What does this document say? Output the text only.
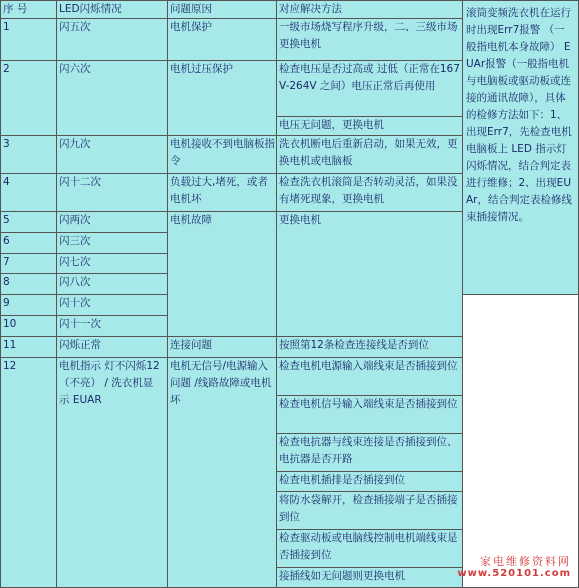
序 号	LED闪烁情况	问题原因	对应解决方法	滚筒变频洗衣机在运行时出现Err7报警 （一般指电机本身故障） EUAr报警（一般指电机与电脑板或驱动板或连接的通讯故障），具体的检修方法如下：1、出现Err7，先检查电机电脑板上 LED 指示灯闪烁情况，结合判定表进行维修；2、出现EUAr，结合判定表检修线束插接情况。
1	闪五次	电机保护	一级市场烧写程序升级，二、三级市场更换电机	
2	闪六次	电机过压保护	检查电压是否过高或 过低（正常在167V-264V 之间）电压正常后再使用	
			电压无问题，更换电机	
3	闪九次	电机接收不到电脑板指令	洗衣机断电后重新启动，如果无效，更换电机或电脑板	
4	闪十二次	负载过大,堵死，或者电机坏	检查洗衣机滚筒是否转动灵活，如果没有堵死现象，更换电机	
5	闪两次	电机故障	更换电机	
6	闪三次			
7	闪七次			
8	闪八次			
9	闪十次			
10	闪十一次			
11	闪烁正常	连接问题	按照第12条检查连接线是否到位	
12	电机指示 灯不闪烁12 （不亮） / 洗衣机显 示 EUAR	电机无信号/电源输入问题 /线路故障或电机 坏	检查电机电源输入端线束是否插接到位	
			检查电机信号输入端线束是否插接到位	
			检查电抗器与线束连接是否插接到位、电抗器是否开路	
			检查电机插排是否插接到位	
			将防水袋解开，检查插接端子是否插接到位	
			检查驱动板或电脑线控制电机端线束是否插接到位	
			接插线如无问题则更换电机	
家电维修资料网
www.520101.com
